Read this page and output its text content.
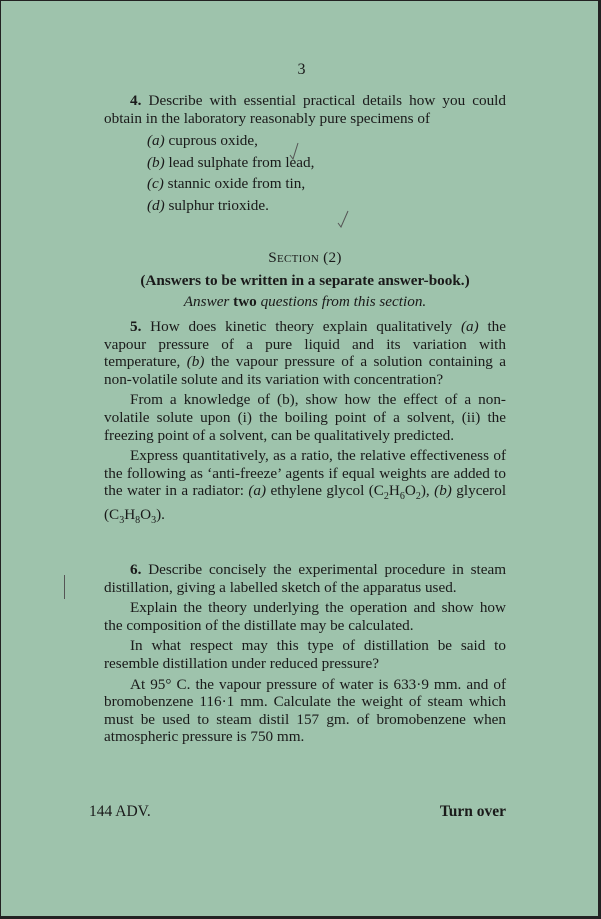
3

4. Describe with essential practical details how you could obtain in the laboratory reasonably pure specimens of

(a) cuprous oxide,
(b) lead sulphate from lead,
(c) stannic oxide from tin,
(d) sulphur trioxide.

Section (2)

(Answers to be written in a separate answer-book.)

Answer two questions from this section.

5. How does kinetic theory explain qualitatively (a) the vapour pressure of a pure liquid and its variation with temperature, (b) the vapour pressure of a solution containing a non-volatile solute and its variation with concentration?

From a knowledge of (b), show how the effect of a non-volatile solute upon (i) the boiling point of a solvent, (ii) the freezing point of a solvent, can be qualitatively predicted.

Express quantitatively, as a ratio, the relative effectiveness of the following as ‘anti-freeze’ agents if equal weights are added to the water in a radiator: (a) ethylene glycol $(C_2H_6O_2)$, (b) glycerol $(C_3H_8O_3)$.

6. Describe concisely the experimental procedure in steam distillation, giving a labelled sketch of the apparatus used.

Explain the theory underlying the operation and show how the composition of the distillate may be calculated.

In what respect may this type of distillation be said to resemble distillation under reduced pressure?

At 95° C. the vapour pressure of water is 633·9 mm. and of bromobenzene 116·1 mm. Calculate the weight of steam which must be used to steam distil 157 gm. of bromobenzene when atmospheric pressure is 750 mm.

144 ADV.	Turn over
